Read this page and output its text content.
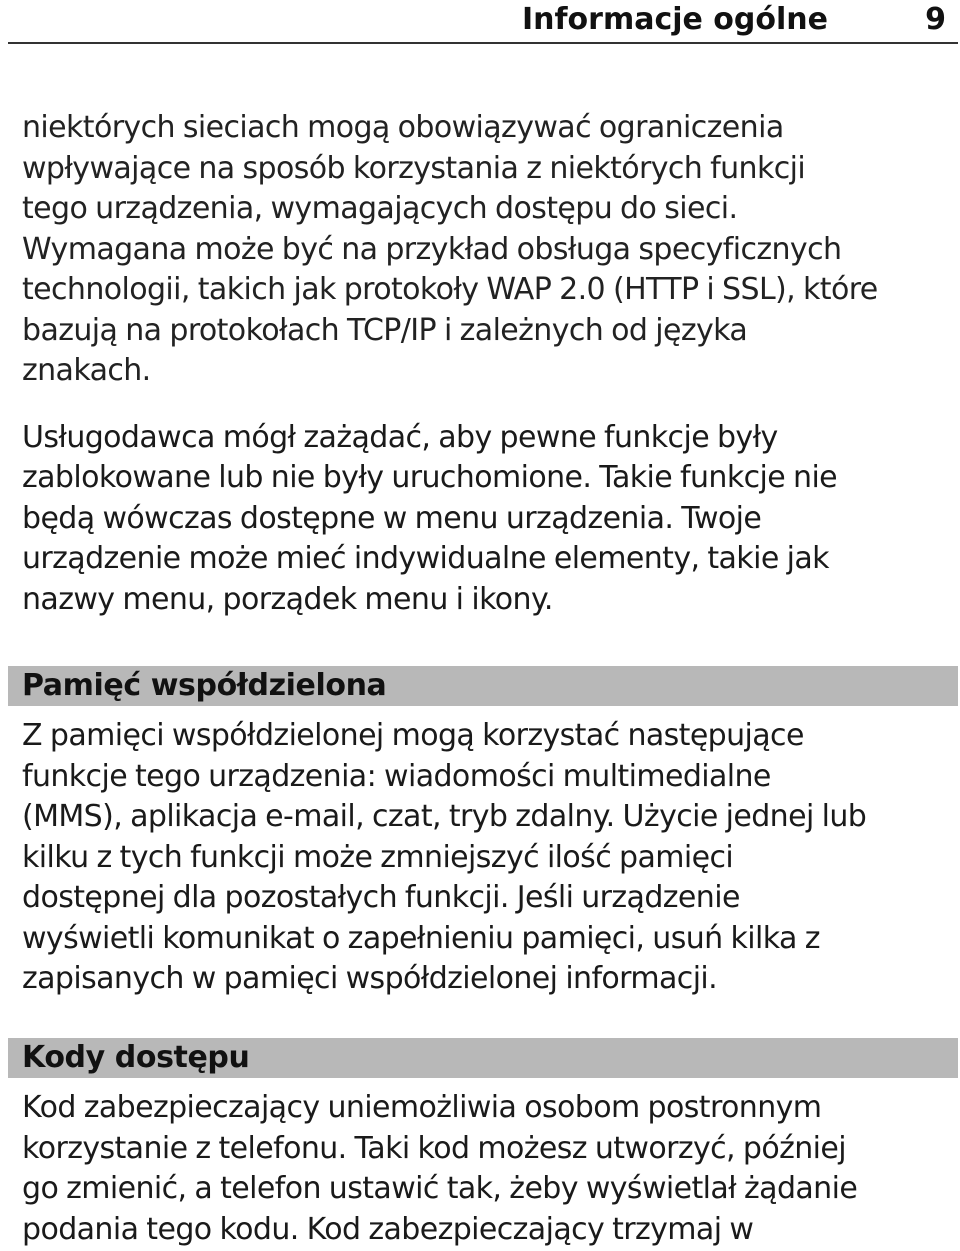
Informacje ogólne	9

niektórych sieciach mogą obowiązywać ograniczenia
wpływające na sposób korzystania z niektórych funkcji
tego urządzenia, wymagających dostępu do sieci.
Wymagana może być na przykład obsługa specyficznych
technologii, takich jak protokoły WAP 2.0 (HTTP i SSL), które
bazują na protokołach TCP/IP i zależnych od języka
znakach.

Usługodawca mógł zażądać, aby pewne funkcje były
zablokowane lub nie były uruchomione. Takie funkcje nie
będą wówczas dostępne w menu urządzenia. Twoje
urządzenie może mieć indywidualne elementy, takie jak
nazwy menu, porządek menu i ikony.

Pamięć współdzielona

Z pamięci współdzielonej mogą korzystać następujące
funkcje tego urządzenia: wiadomości multimedialne
(MMS), aplikacja e-mail, czat, tryb zdalny. Użycie jednej lub
kilku z tych funkcji może zmniejszyć ilość pamięci
dostępnej dla pozostałych funkcji. Jeśli urządzenie
wyświetli komunikat o zapełnieniu pamięci, usuń kilka z
zapisanych w pamięci współdzielonej informacji.

Kody dostępu

Kod zabezpieczający uniemożliwia osobom postronnym
korzystanie z telefonu. Taki kod możesz utworzyć, później
go zmienić, a telefon ustawić tak, żeby wyświetlał żądanie
podania tego kodu. Kod zabezpieczający trzymaj w
